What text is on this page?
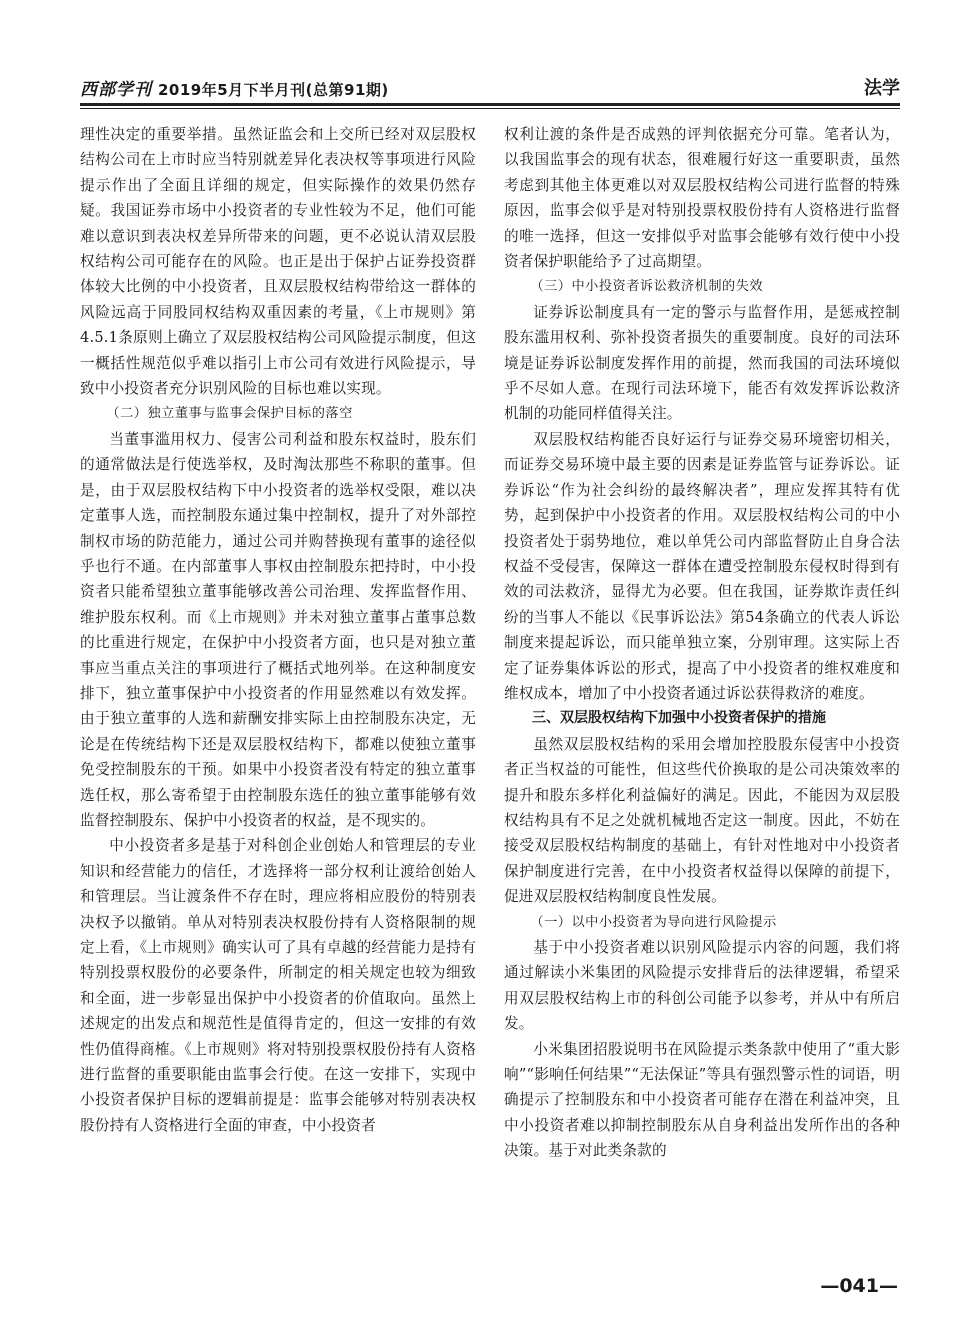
西部学刊 2019年5月下半月刊(总第91期)	法学

理性决定的重要举措。虽然证监会和上交所已经对双层股权结构公司在上市时应当特别就差异化表决权等事项进行风险提示作出了全面且详细的规定，但实际操作的效果仍然存疑。我国证券市场中小投资者的专业性较为不足，他们可能难以意识到表决权差异所带来的问题，更不必说认清双层股权结构公司可能存在的风险。也正是出于保护占证券投资群体较大比例的中小投资者，且双层股权结构带给这一群体的风险远高于同股同权结构双重因素的考量，《上市规则》第4.5.1条原则上确立了双层股权结构公司风险提示制度，但这一概括性规范似乎难以指引上市公司有效进行风险提示，导致中小投资者充分识别风险的目标也难以实现。

（二）独立董事与监事会保护目标的落空

当董事滥用权力、侵害公司利益和股东权益时，股东们的通常做法是行使选举权，及时淘汰那些不称职的董事。但是，由于双层股权结构下中小投资者的选举权受限，难以决定董事人选，而控制股东通过集中控制权，提升了对外部控制权市场的防范能力，通过公司并购替换现有董事的途径似乎也行不通。在内部董事人事权由控制股东把持时，中小投资者只能希望独立董事能够改善公司治理、发挥监督作用、维护股东权利。而《上市规则》并未对独立董事占董事总数的比重进行规定，在保护中小投资者方面，也只是对独立董事应当重点关注的事项进行了概括式地列举。在这种制度安排下，独立董事保护中小投资者的作用显然难以有效发挥。由于独立董事的人选和薪酬安排实际上由控制股东决定，无论是在传统结构下还是双层股权结构下，都难以使独立董事免受控制股东的干预。如果中小投资者没有特定的独立董事选任权，那么寄希望于由控制股东选任的独立董事能够有效监督控制股东、保护中小投资者的权益，是不现实的。

中小投资者多是基于对科创企业创始人和管理层的专业知识和经营能力的信任，才选择将一部分权利让渡给创始人和管理层。当让渡条件不存在时，理应将相应股份的特别表决权予以撤销。单从对特别表决权股份持有人资格限制的规定上看，《上市规则》确实认可了具有卓越的经营能力是持有特别投票权股份的必要条件，所制定的相关规定也较为细致和全面，进一步彰显出保护中小投资者的价值取向。虽然上述规定的出发点和规范性是值得肯定的，但这一安排的有效性仍值得商榷。《上市规则》将对特别投票权股份持有人资格进行监督的重要职能由监事会行使。在这一安排下，实现中小投资者保护目标的逻辑前提是：监事会能够对特别表决权股份持有人资格进行全面的审查，中小投资者

权利让渡的条件是否成熟的评判依据充分可靠。笔者认为，以我国监事会的现有状态，很难履行好这一重要职责，虽然考虑到其他主体更难以对双层股权结构公司进行监督的特殊原因，监事会似乎是对特别投票权股份持有人资格进行监督的唯一选择，但这一安排似乎对监事会能够有效行使中小投资者保护职能给予了过高期望。

（三）中小投资者诉讼救济机制的失效

证券诉讼制度具有一定的警示与监督作用，是惩戒控制股东滥用权利、弥补投资者损失的重要制度。良好的司法环境是证券诉讼制度发挥作用的前提，然而我国的司法环境似乎不尽如人意。在现行司法环境下，能否有效发挥诉讼救济机制的功能同样值得关注。

双层股权结构能否良好运行与证券交易环境密切相关，而证券交易环境中最主要的因素是证券监管与证券诉讼。证券诉讼“作为社会纠纷的最终解决者”，理应发挥其特有优势，起到保护中小投资者的作用。双层股权结构公司的中小投资者处于弱势地位，难以单凭公司内部监督防止自身合法权益不受侵害，保障这一群体在遭受控制股东侵权时得到有效的司法救济，显得尤为必要。但在我国，证券欺诈责任纠纷的当事人不能以《民事诉讼法》第54条确立的代表人诉讼制度来提起诉讼，而只能单独立案，分别审理。这实际上否定了证券集体诉讼的形式，提高了中小投资者的维权难度和维权成本，增加了中小投资者通过诉讼获得救济的难度。

三、双层股权结构下加强中小投资者保护的措施

虽然双层股权结构的采用会增加控股股东侵害中小投资者正当权益的可能性，但这些代价换取的是公司决策效率的提升和股东多样化利益偏好的满足。因此，不能因为双层股权结构具有不足之处就机械地否定这一制度。因此，不妨在接受双层股权结构制度的基础上，有针对性地对中小投资者保护制度进行完善，在中小投资者权益得以保障的前提下，促进双层股权结构制度良性发展。

（一）以中小投资者为导向进行风险提示

基于中小投资者难以识别风险提示内容的问题，我们将通过解读小米集团的风险提示安排背后的法律逻辑，希望采用双层股权结构上市的科创公司能予以参考，并从中有所启发。

小米集团招股说明书在风险提示类条款中使用了“重大影响”“影响任何结果”“无法保证”等具有强烈警示性的词语，明确提示了控制股东和中小投资者可能存在潜在利益冲突，且中小投资者难以抑制控制股东从自身利益出发所作出的各种决策。基于对此类条款的

—041—
